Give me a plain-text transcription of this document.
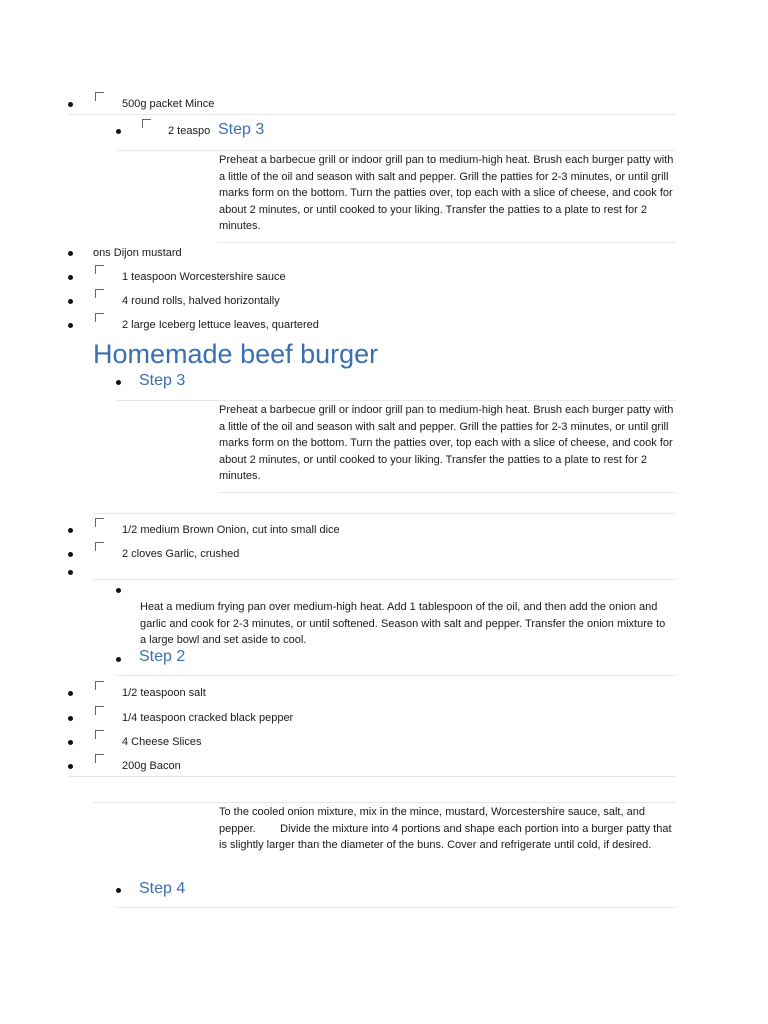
500g packet Mince
2 teaspo Step 3
Preheat a barbecue grill or indoor grill pan to medium-high heat. Brush each burger patty with a little of the oil and season with salt and pepper. Grill the patties for 2-3 minutes, or until grill marks form on the bottom. Turn the patties over, top each with a slice of cheese, and cook for about 2 minutes, or until cooked to your liking. Transfer the patties to a plate to rest for 2 minutes.
ons Dijon mustard
1 teaspoon Worcestershire sauce
4 round rolls, halved horizontally
2 large Iceberg lettuce leaves, quartered
Homemade beef burger
Step 3
Preheat a barbecue grill or indoor grill pan to medium-high heat. Brush each burger patty with a little of the oil and season with salt and pepper. Grill the patties for 2-3 minutes, or until grill marks form on the bottom. Turn the patties over, top each with a slice of cheese, and cook for about 2 minutes, or until cooked to your liking. Transfer the patties to a plate to rest for 2 minutes.
1/2 medium Brown Onion, cut into small dice
2 cloves Garlic, crushed
Heat a medium frying pan over medium-high heat. Add 1 tablespoon of the oil, and then add the onion and garlic and cook for 2-3 minutes, or until softened. Season with salt and pepper. Transfer the onion mixture to a large bowl and set aside to cool.
Step 2
1/2 teaspoon salt
1/4 teaspoon cracked black pepper
4 Cheese Slices
200g Bacon
To the cooled onion mixture, mix in the mince, mustard, Worcestershire sauce, salt, and pepper.        Divide the mixture into 4 portions and shape each portion into a burger patty that is slightly larger than the diameter of the buns. Cover and refrigerate until cold, if desired.
Step 4
